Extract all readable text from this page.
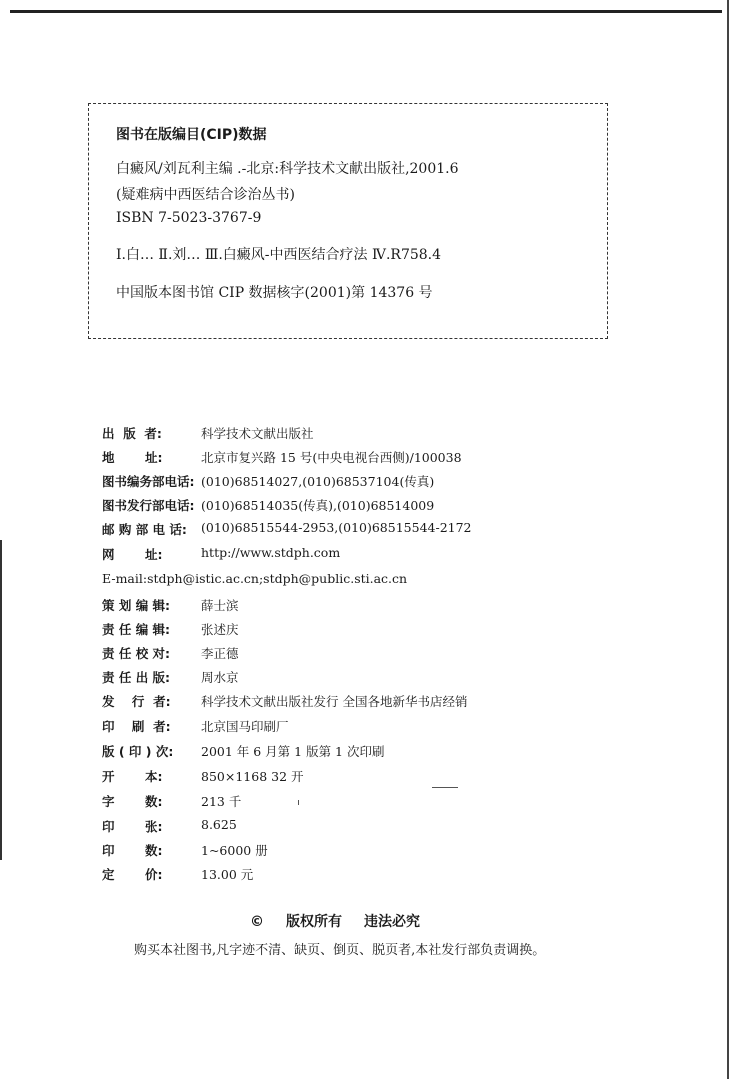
图书在版编目(CIP)数据
白癜风/刘瓦利主编 .-北京:科学技术文献出版社,2001.6
(疑难病中西医结合诊治丛书)
ISBN 7-5023-3767-9
Ⅰ.白… Ⅱ.刘… Ⅲ.白癜风-中西医结合疗法 Ⅳ.R758.4
中国版本图书馆 CIP 数据核字(2001)第 14376 号
出  版  者:	科学技术文献出版社
地       址:	北京市复兴路 15 号(中央电视台西侧)/100038
图书编务部电话: (010)68514027,(010)68537104(传真)
图书发行部电话: (010)68514035(传真),(010)68514009
邮 购 部 电 话:	(010)68515544-2953,(010)68515544-2172
网       址:	http://www.stdph.com
E-mail: stdph@istic.ac.cn;stdph@public.sti.ac.cn
策 划 编 辑:	薛士滨
责 任 编 辑:	张述庆
责 任 校 对:	李正德
责 任 出 版:	周水京
发    行  者:	科学技术文献出版社发行 全国各地新华书店经销
印    刷  者:	北京国马印刷厂
版 ( 印 ) 次:	2001 年 6 月第 1 版第 1 次印刷
开       本:	850×1168 32 开
字       数:	213 千
印       张:	8.625
印       数:	1~6000 册
定       价:	13.00 元
© 版权所有 违法必究
购买本社图书,凡字迹不清、缺页、倒页、脱页者,本社发行部负责调换。
